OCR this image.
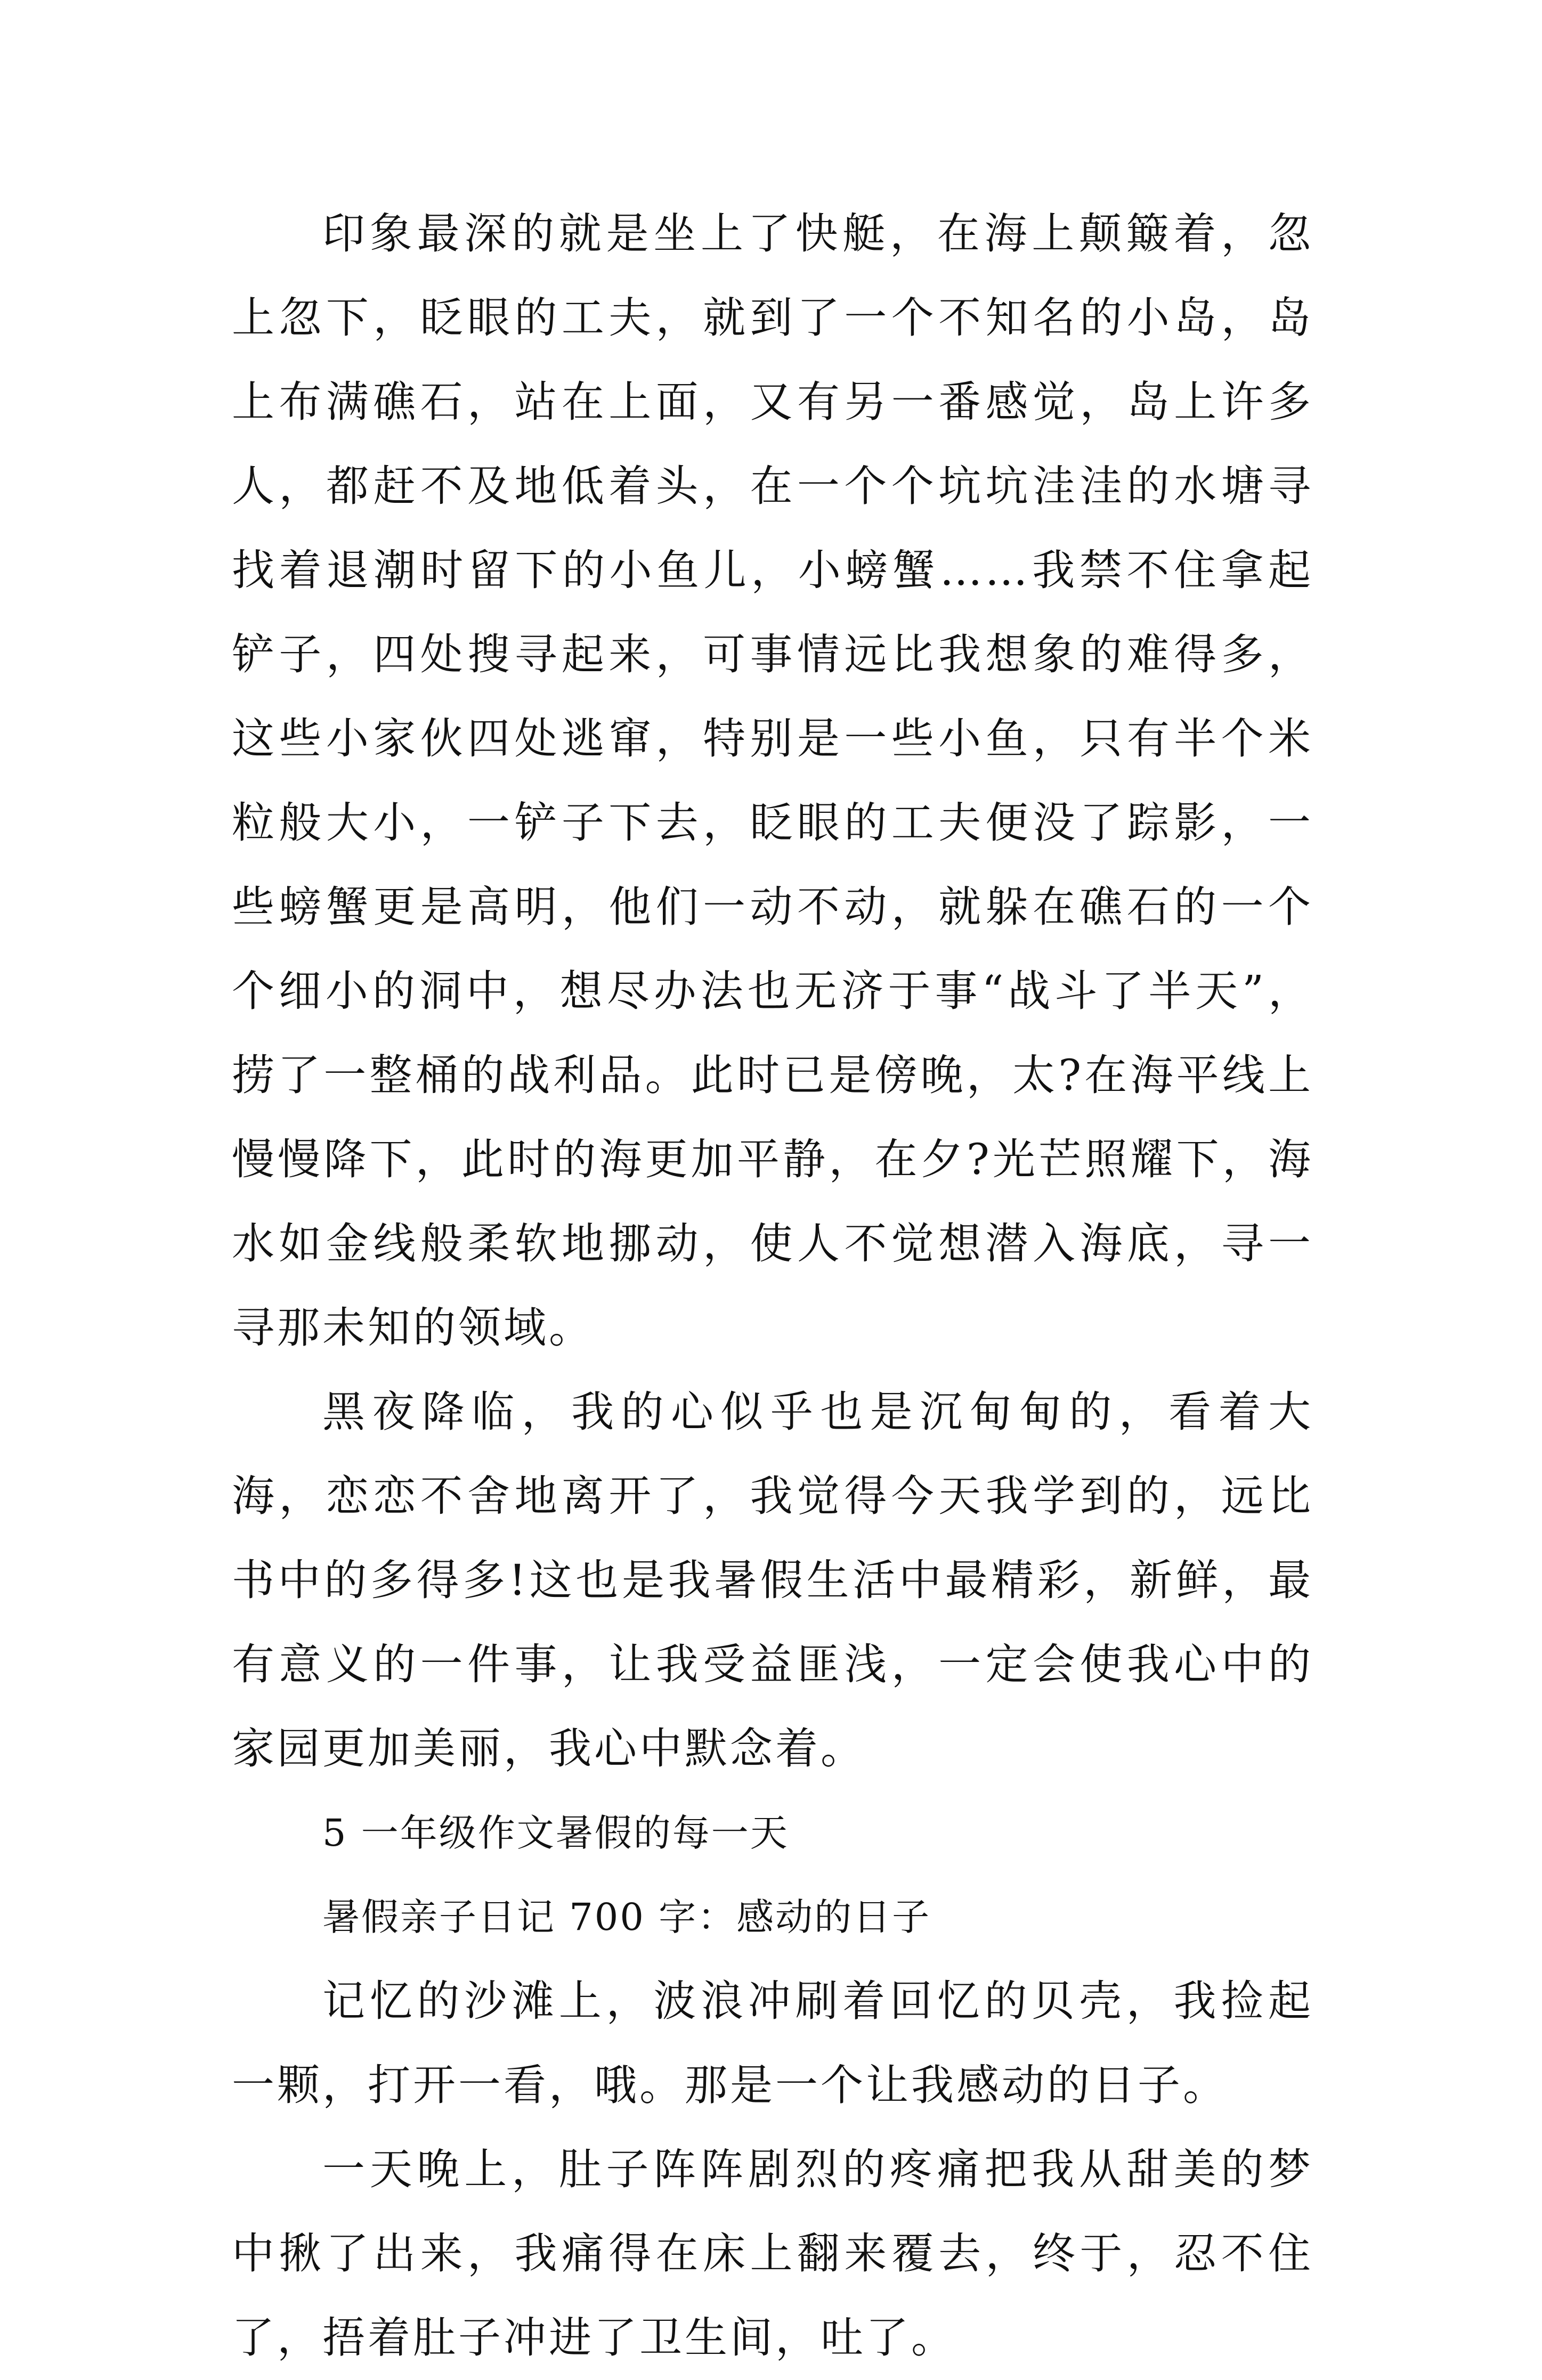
印象最深的就是坐上了快艇，在海上颠簸着，忽上忽下，眨眼的工夫，就到了一个不知名的小岛，岛上布满礁石，站在上面，又有另一番感觉，岛上许多人，都赶不及地低着头，在一个个坑坑洼洼的水塘寻找着退潮时留下的小鱼儿，小螃蟹……我禁不住拿起铲子，四处搜寻起来，可事情远比我想象的难得多，这些小家伙四处逃窜，特别是一些小鱼，只有半个米粒般大小，一铲子下去，眨眼的工夫便没了踪影，一些螃蟹更是高明，他们一动不动，就躲在礁石的一个个细小的洞中，想尽办法也无济于事“战斗了半天”，捞了一整桶的战利品。此时已是傍晚，太?在海平线上慢慢降下，此时的海更加平静，在夕?光芒照耀下，海水如金线般柔软地挪动，使人不觉想潜入海底，寻一寻那未知的领域。

黑夜降临，我的心似乎也是沉甸甸的，看着大海，恋恋不舍地离开了，我觉得今天我学到的，远比书中的多得多!这也是我暑假生活中最精彩，新鲜，最有意义的一件事，让我受益匪浅，一定会使我心中的家园更加美丽，我心中默念着。

5 一年级作文暑假的每一天

暑假亲子日记 700 字：感动的日子

记忆的沙滩上，波浪冲刷着回忆的贝壳，我捡起一颗，打开一看，哦。那是一个让我感动的日子。

一天晚上，肚子阵阵剧烈的疼痛把我从甜美的梦中揪了出来，我痛得在床上翻来覆去，终于，忍不住了，捂着肚子冲进了卫生间，吐了。
